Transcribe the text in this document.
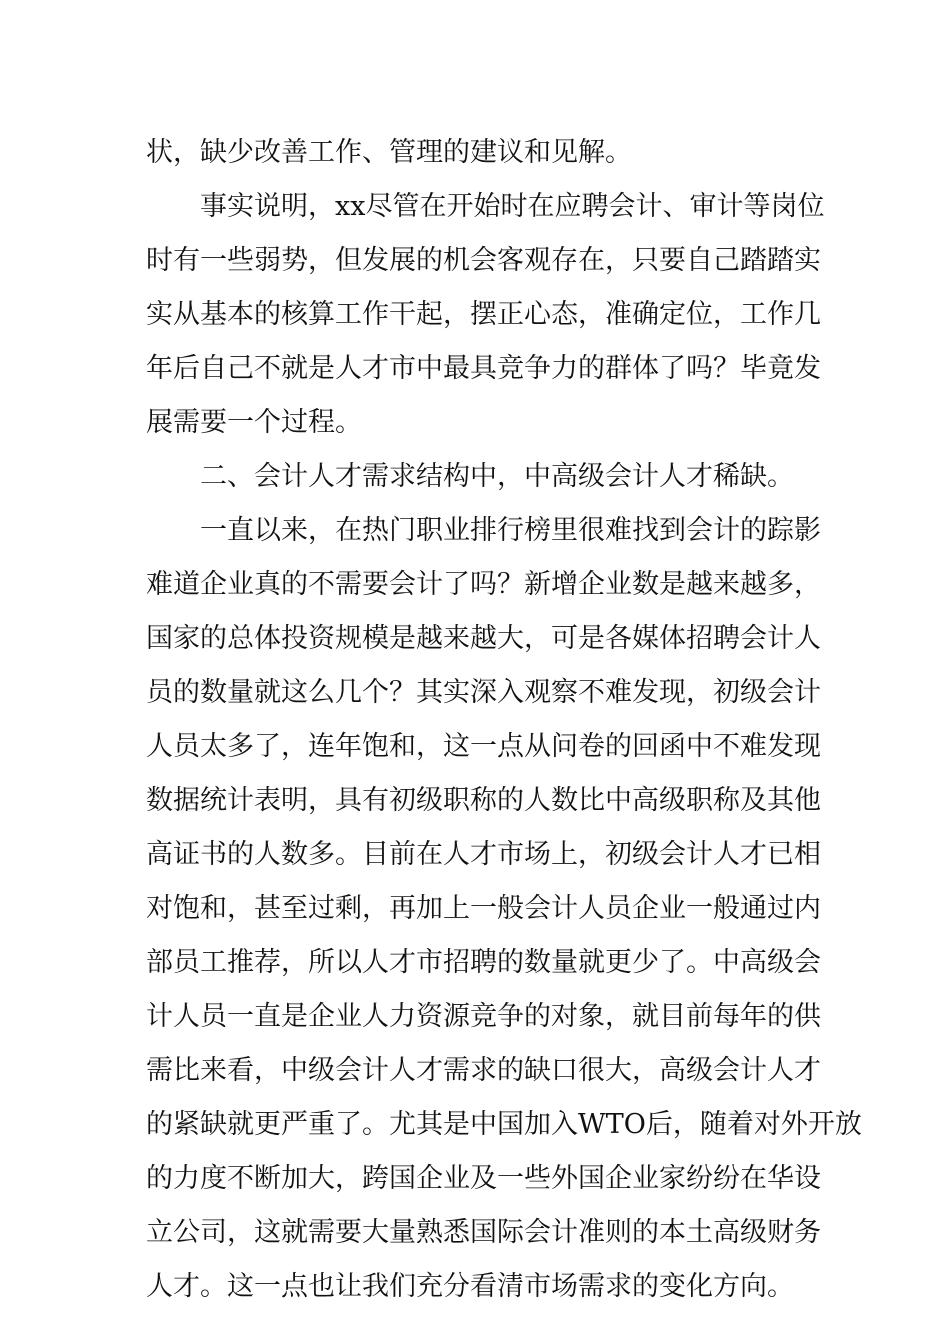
状，缺少改善工作、管理的建议和见解。
事实说明，xx尽管在开始时在应聘会计、审计等岗位
时有一些弱势，但发展的机会客观存在，只要自己踏踏实
实从基本的核算工作干起，摆正心态，准确定位，工作几
年后自己不就是人才市中最具竞争力的群体了吗？毕竟发
展需要一个过程。
二、会计人才需求结构中，中高级会计人才稀缺。
一直以来，在热门职业排行榜里很难找到会计的踪影
难道企业真的不需要会计了吗？新增企业数是越来越多，
国家的总体投资规模是越来越大，可是各媒体招聘会计人
员的数量就这么几个？其实深入观察不难发现，初级会计
人员太多了，连年饱和，这一点从问卷的回函中不难发现
数据统计表明，具有初级职称的人数比中高级职称及其他
高证书的人数多。目前在人才市场上，初级会计人才已相
对饱和，甚至过剩，再加上一般会计人员企业一般通过内
部员工推荐，所以人才市招聘的数量就更少了。中高级会
计人员一直是企业人力资源竞争的对象，就目前每年的供
需比来看，中级会计人才需求的缺口很大，高级会计人才
的紧缺就更严重了。尤其是中国加入WTO后，随着对外开放
的力度不断加大，跨国企业及一些外国企业家纷纷在华设
立公司，这就需要大量熟悉国际会计准则的本土高级财务
人才。这一点也让我们充分看清市场需求的变化方向。
